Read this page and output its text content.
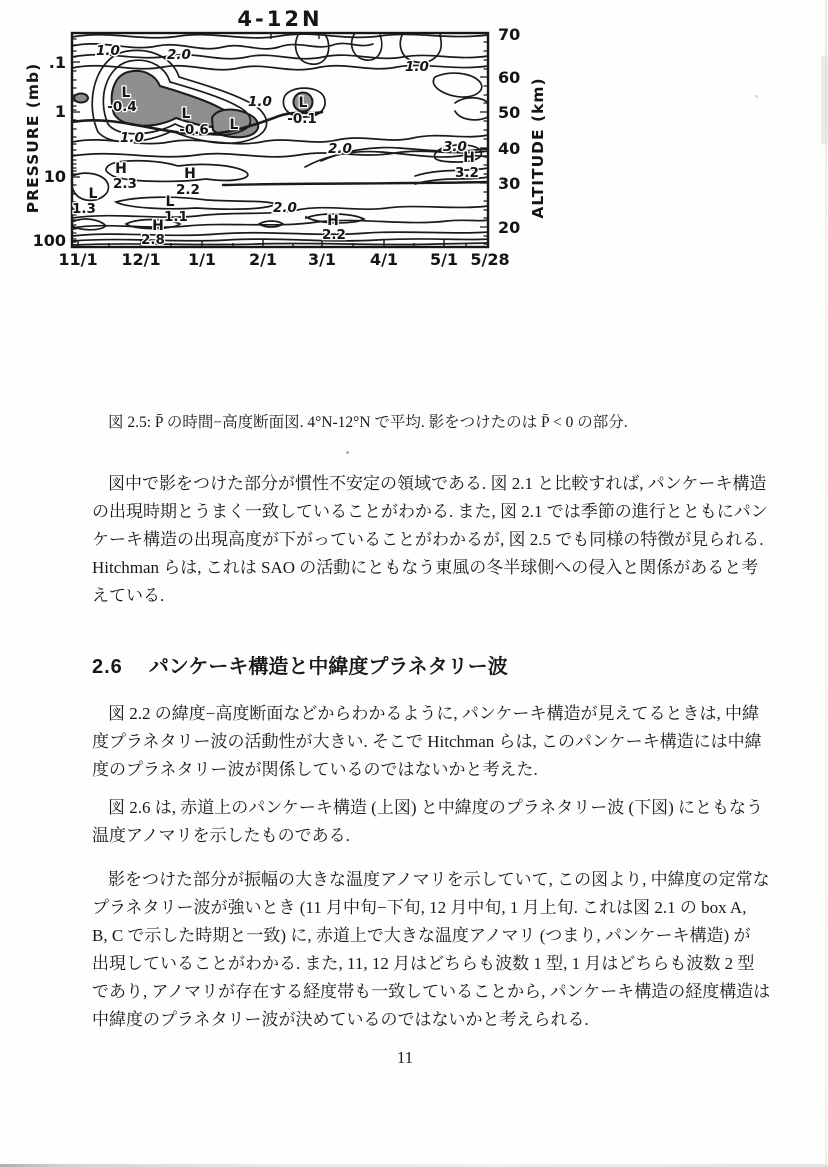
4-12N
PRESSURE (mb)	ALTITUDE (km)
.1
1
10
100
70
60
50
40
30
20
11/1 12/1 1/1 2/1 3/1 4/1 5/1 5/28
1.0	2.0
L
-0.4	L
-0.6 L
1.0
1.0 L
-0.1
1.0
2.0	3.0
H
3.2
H
2.3
H
2.2
L
1.3	L
1.1
2.0
H
2.8
H
2.2
図 2.5: P̄ の時間−高度断面図. 4°N-12°N で平均. 影をつけたのは P̄ < 0 の部分.
図中で影をつけた部分が慣性不安定の領域である. 図 2.1 と比較すれば, パンケーキ構造
の出現時期とうまく一致していることがわかる. また, 図 2.1 では季節の進行とともにパン
ケーキ構造の出現高度が下がっていることがわかるが, 図 2.5 でも同様の特徴が見られる.
Hitchman らは, これは SAO の活動にともなう東風の冬半球側への侵入と関係があると考
えている.
2.6 パンケーキ構造と中緯度プラネタリー波
図 2.2 の緯度−高度断面などからわかるように, パンケーキ構造が見えてるときは, 中緯
度プラネタリー波の活動性が大きい. そこで Hitchman らは, このパンケーキ構造には中緯
度のプラネタリー波が関係しているのではないかと考えた.
図 2.6 は, 赤道上のパンケーキ構造 (上図) と中緯度のプラネタリー波 (下図) にともなう
温度アノマリを示したものである.
影をつけた部分が振幅の大きな温度アノマリを示していて, この図より, 中緯度の定常な
プラネタリー波が強いとき (11 月中旬−下旬, 12 月中旬, 1 月上旬. これは図 2.1 の box A,
B, C で示した時期と一致) に, 赤道上で大きな温度アノマリ (つまり, パンケーキ構造) が
出現していることがわかる. また, 11, 12 月はどちらも波数 1 型, 1 月はどちらも波数 2 型
であり, アノマリが存在する経度帯も一致していることから, パンケーキ構造の経度構造は
中緯度のプラネタリー波が決めているのではないかと考えられる.
11
